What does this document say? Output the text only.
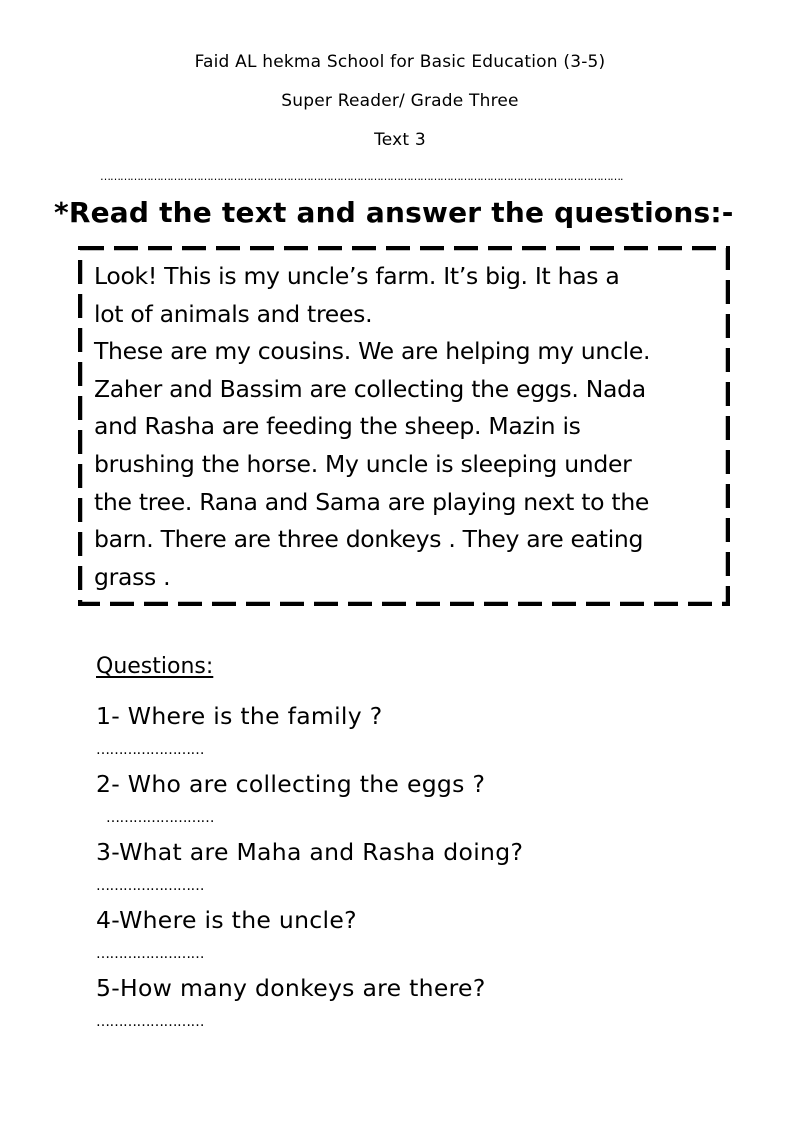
Faid AL hekma School for Basic Education (3-5)
Super Reader/ Grade Three
Text 3
………………………………………………………………………………………………………………………………………….
*Read the text and answer the questions:-
Look! This is my uncle’s farm. It’s big. It has a
lot of animals and trees.
These are my cousins. We are helping my uncle.
Zaher and Bassim are collecting the eggs. Nada
and Rasha are feeding the sheep. Mazin is
brushing the horse. My uncle is sleeping under
the tree. Rana and Sama are playing next to the
barn. There are three donkeys . They are eating
grass .
Questions:
1- Where is the family ?
……………………
2- Who are collecting the eggs ?
……………………
3-What are Maha and Rasha doing?
……………………
4-Where is the uncle?
……………………
5-How many donkeys are there?
……………………
